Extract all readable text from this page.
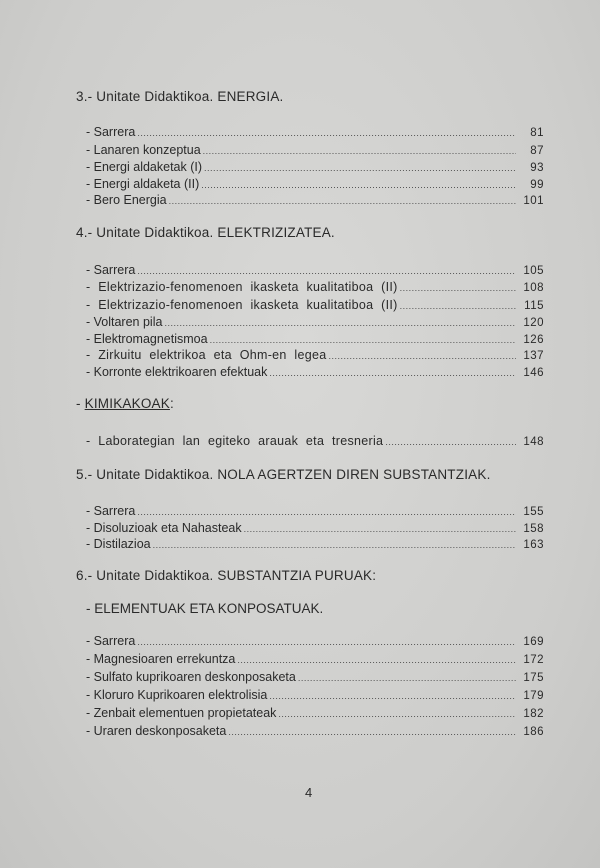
3.- Unitate Didaktikoa. ENERGIA.
- Sarrera .....	81
- Lanaren konzeptua .....	87
- Energi aldaketak (I) .....	93
- Energi aldaketa (II) .....	99
- Bero Energia .....	101
4.- Unitate Didaktikoa. ELEKTRIZIZATEA.
- Sarrera .....	105
- Elektrizazio-fenomenoen ikasketa kualitatiboa (II) .....	108
- Elektrizazio-fenomenoen ikasketa kualitatiboa (II) .....	115
- Voltaren pila .....	120
- Elektromagnetismoa .....	126
- Zirkuitu elektrikoa eta Ohm-en legea .....	137
- Korronte elektrikoaren efektuak .....	146
- KIMIKAKOAK:
- Laborategian lan egiteko arauak eta tresneria .....	148
5.- Unitate Didaktikoa. NOLA AGERTZEN DIREN SUBSTANTZIAK.
- Sarrera .....	155
- Disoluzioak eta Nahasteak .....	158
- Distilazioa .....	163
6.- Unitate Didaktikoa. SUBSTANTZIA PURUAK:
- ELEMENTUAK ETA KONPOSATUAK.
- Sarrera .....	169
- Magnesioaren errekuntza .....	172
- Sulfato kuprikoaren deskonposaketa .....	175
- Kloruro Kuprikoaren elektrolisia .....	179
- Zenbait elementuen propietateak .....	182
- Uraren deskonposaketa .....	186
4
